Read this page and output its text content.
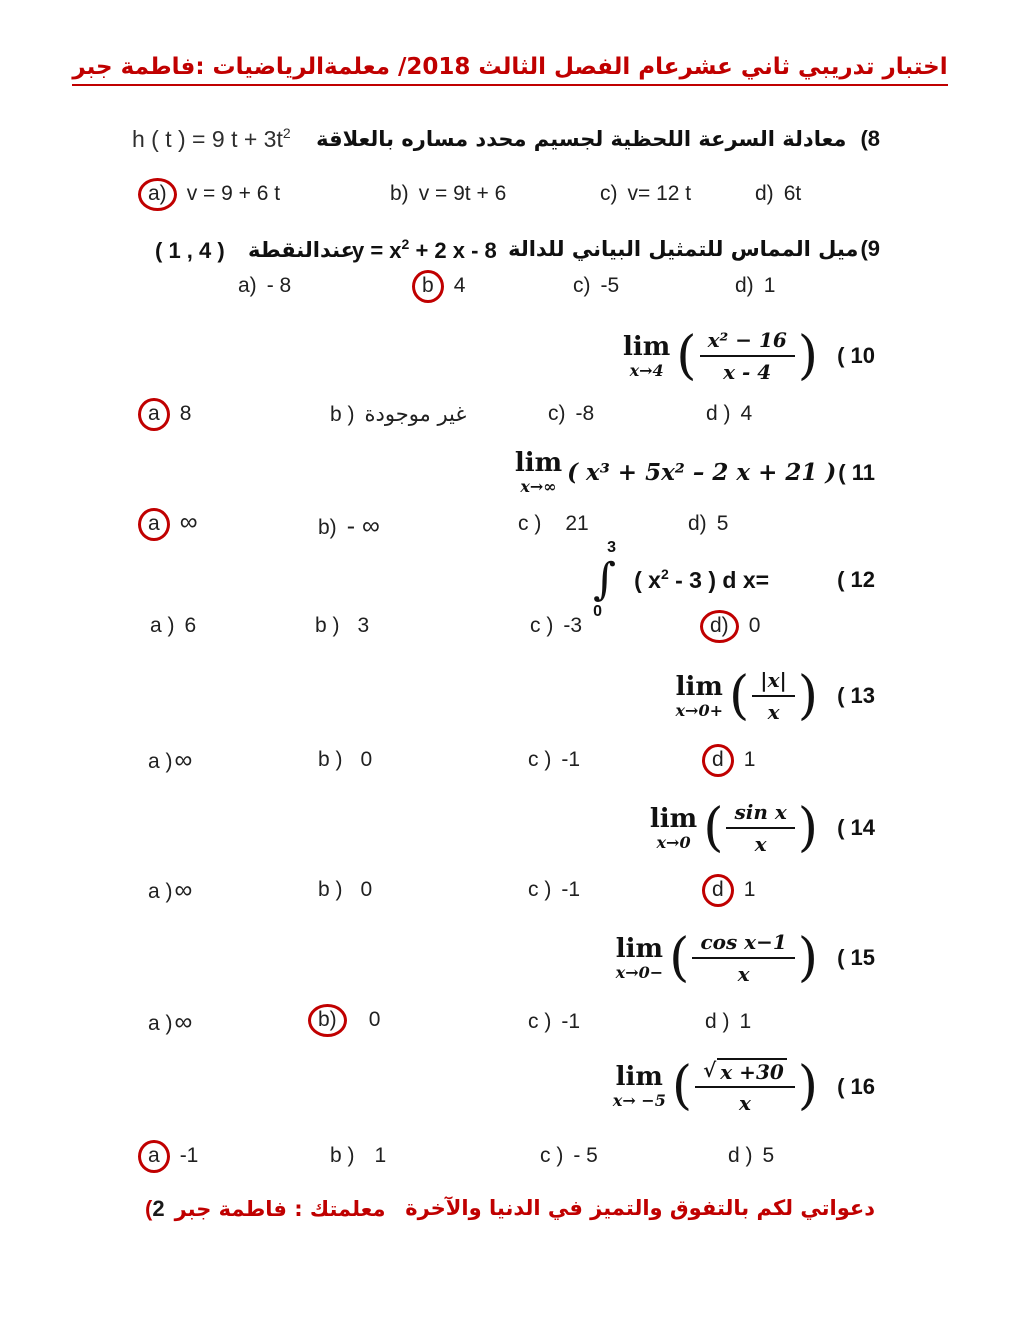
اختبار تدريبي ثاني عشرعام الفصل الثالث 2018/ معلمةالرياضيات :فاطمة جبر
h ( t ) = 9 t + 3t2 معادلة السرعة اللحظية لجسيم محدد مساره بالعلاقة (8
a) v = 9 + 6 t	b) v = 9t + 6	c) v= 12 t	d) 6t
( 1 , 4 ) عندالنقطة
y = x2 + 2 x - 8 ميل المماس للتمثيل البياني للدالة (9
a) - 8	b 4	c) -5	d) 1
lim
x→4 ( $\frac{\text{x² − 16}}{x - 4}$ ) ( 10
a 8	b ) غير موجودة	c) -8	d ) 4
lim
x→∞
( x³ + 5x² – 2 x + 21 ) ( 11
a ∞	b) - ∞	c ) 21	d) 5
3
∫
0
( x2 - 3 ) d x=	( 12
a ) 6	b ) 3	c ) -3	d) 0
lim
x→0+ ( $\frac{|x|}{x}$ ) ( 13
a ) ∞	b ) 0	c ) -1	d 1
lim
x→0 ( $\frac{\text{sin x}}{x}$ ) ( 14
a ) ∞	b ) 0	c ) -1	d 1
lim
x→0− ( $\frac{\text{cos x−1}}{x}$ ) ( 15
a ) ∞	b)	0	c ) -1	d ) 1
lim
x→ −5 ( $\frac{√ x +30}{x}$ ) ( 16
a -1	b ) 1	c ) - 5	d ) 5
(2 معلمتك : فاطمة جبر دعواتي لكم بالتفوق والتميز في الدنيا والآخرة
